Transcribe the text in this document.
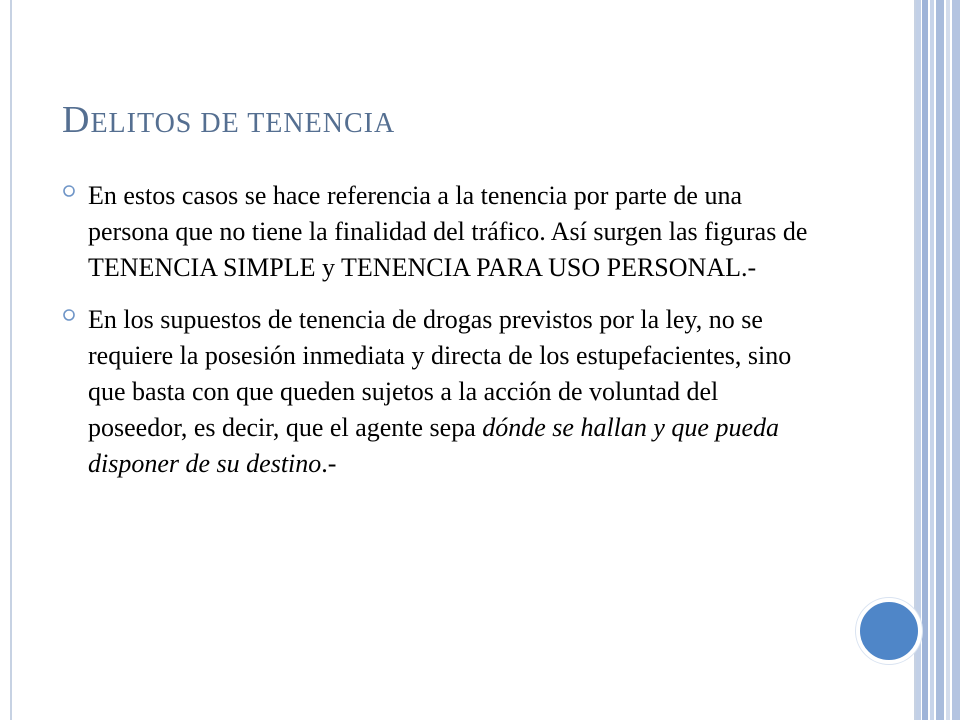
DELITOS DE TENENCIA
En estos casos se hace referencia a la tenencia por parte de una persona que no tiene la finalidad del tráfico. Así surgen las figuras de TENENCIA SIMPLE y TENENCIA PARA USO PERSONAL.-
En los supuestos de tenencia de drogas previstos por la ley, no se requiere la posesión inmediata y directa de los estupefacientes, sino que basta con que queden sujetos a la acción de voluntad del poseedor, es decir, que el agente sepa dónde se hallan y que pueda disponer de su destino.-
